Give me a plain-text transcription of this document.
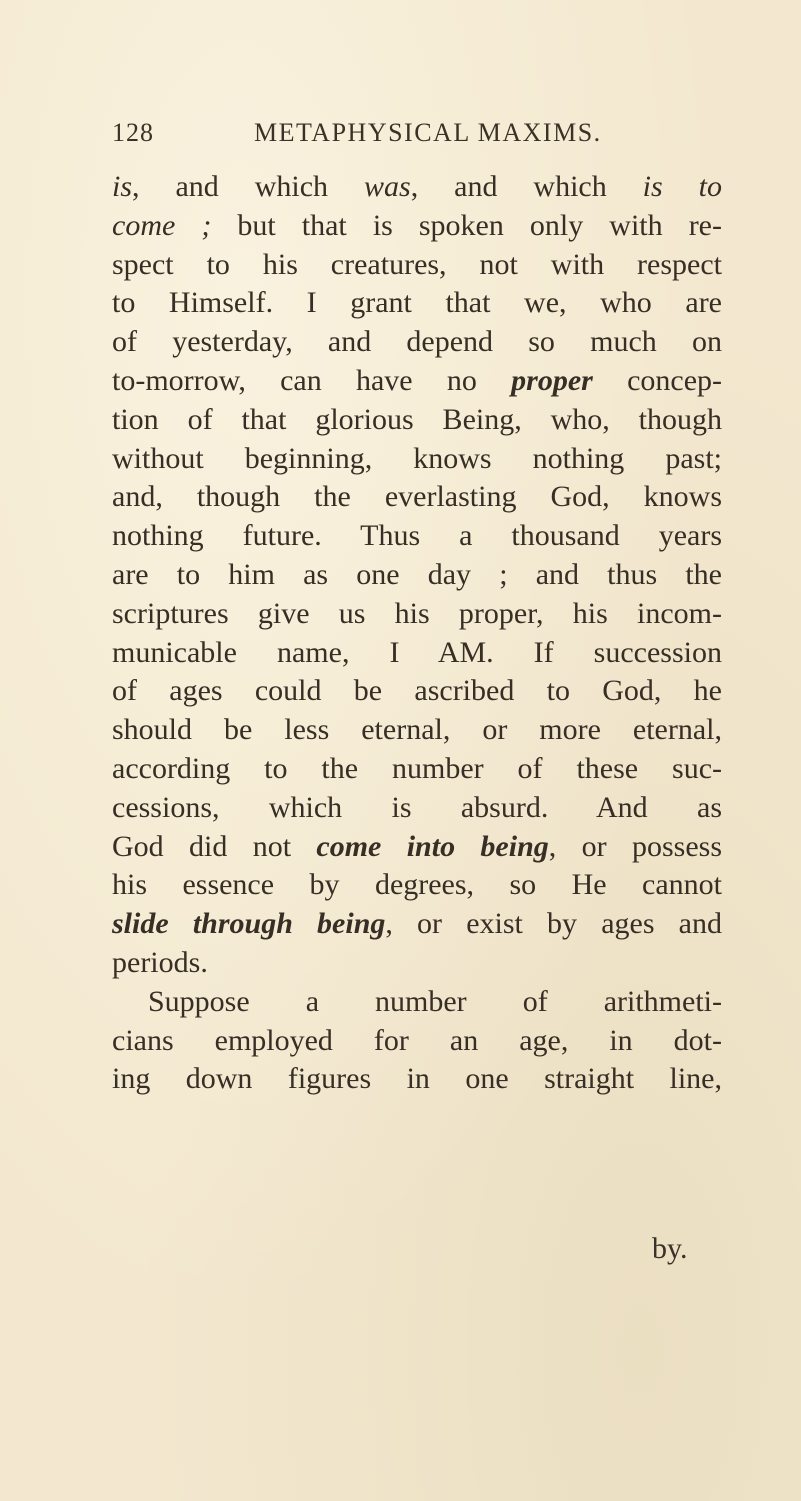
128	METAPHYSICAL MAXIMS.
is, and which was, and which is to
come ; but that is spoken only with re-
spect to his creatures, not with respect
to Himself. I grant that we, who are
of yesterday, and depend so much on
to-morrow, can have no proper concep-
tion of that glorious Being, who, though
without beginning, knows nothing past;
and, though the everlasting God, knows
nothing future. Thus a thousand years
are to him as one day ; and thus the
scriptures give us his proper, his incom-
municable name, I AM. If succession
of ages could be ascribed to God, he
should be less eternal, or more eternal,
according to the number of these suc-
cessions, which is absurd. And as
God did not come into being, or possess
his essence by degrees, so He cannot
slide through being, or exist by ages and
periods.
Suppose a number of arithmeti-
cians employed for an age, in dot-
ing down figures in one straight line,
by.
